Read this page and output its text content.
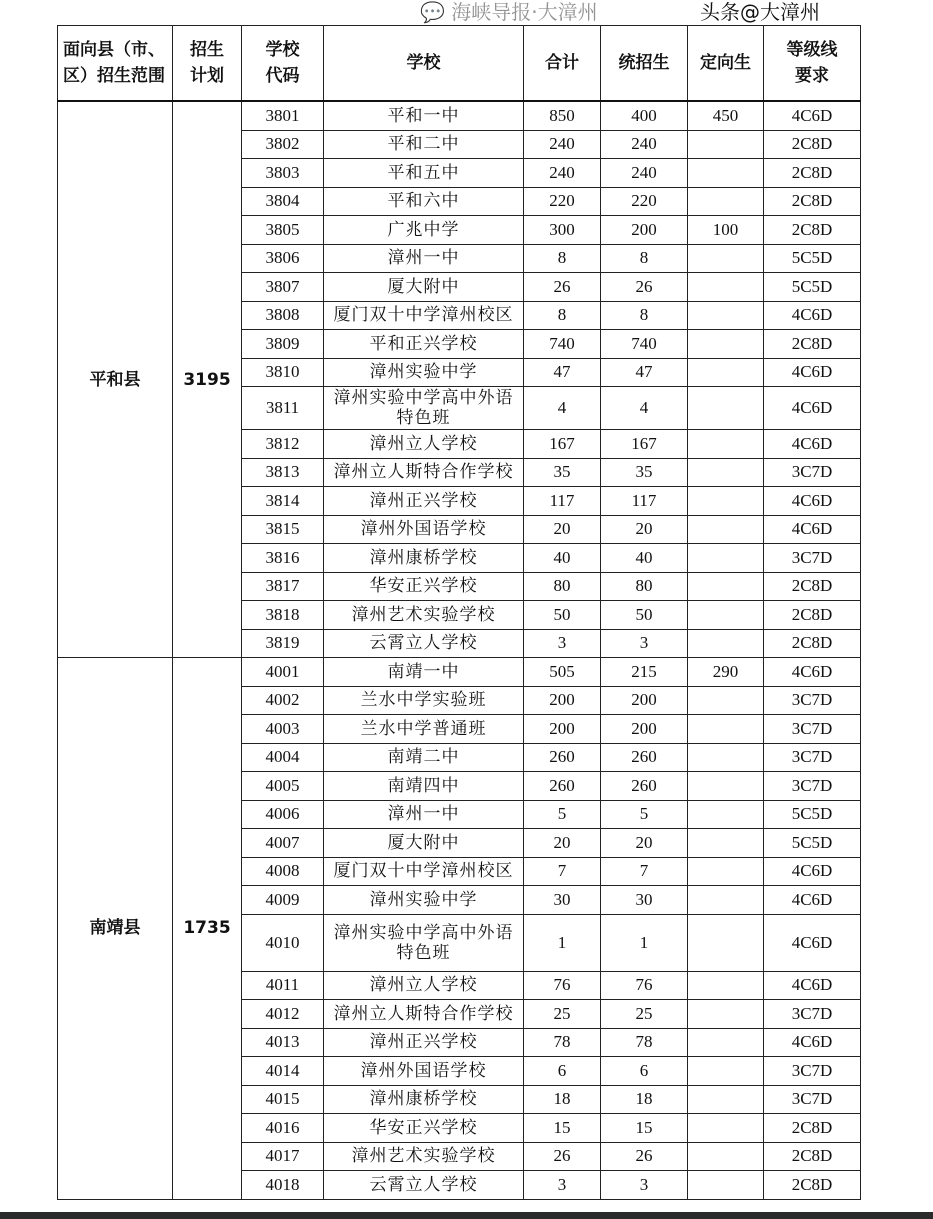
面向县（市、区）招生范围	招生计划	学校代码	学校	合计	统招生	定向生	等级线要求
平和县	3195	3801	平和一中	850	400	450	4C6D
		3802	平和二中	240	240		2C8D
		3803	平和五中	240	240		2C8D
		3804	平和六中	220	220		2C8D
		3805	广兆中学	300	200	100	2C8D
		3806	漳州一中	8	8		5C5D
		3807	厦大附中	26	26		5C5D
		3808	厦门双十中学漳州校区	8	8		4C6D
		3809	平和正兴学校	740	740		2C8D
		3810	漳州实验中学	47	47		4C6D
		3811	漳州实验中学高中外语特色班	4	4		4C6D
		3812	漳州立人学校	167	167		4C6D
		3813	漳州立人斯特合作学校	35	35		3C7D
		3814	漳州正兴学校	117	117		4C6D
		3815	漳州外国语学校	20	20		4C6D
		3816	漳州康桥学校	40	40		3C7D
		3817	华安正兴学校	80	80		2C8D
		3818	漳州艺术实验学校	50	50		2C8D
		3819	云霄立人学校	3	3		2C8D
南靖县	1735	4001	南靖一中	505	215	290	4C6D
		4002	兰水中学实验班	200	200		3C7D
		4003	兰水中学普通班	200	200		3C7D
		4004	南靖二中	260	260		3C7D
		4005	南靖四中	260	260		3C7D
		4006	漳州一中	5	5		5C5D
		4007	厦大附中	20	20		5C5D
		4008	厦门双十中学漳州校区	7	7		4C6D
		4009	漳州实验中学	30	30		4C6D
		4010	漳州实验中学高中外语特色班	1	1		4C6D
		4011	漳州立人学校	76	76		4C6D
		4012	漳州立人斯特合作学校	25	25		3C7D
		4013	漳州正兴学校	78	78		4C6D
		4014	漳州外国语学校	6	6		3C7D
		4015	漳州康桥学校	18	18		3C7D
		4016	华安正兴学校	15	15		2C8D
		4017	漳州艺术实验学校	26	26		2C8D
		4018	云霄立人学校	3	3		2C8D
💬 海峡导报·大漳州	头条@大漳州
